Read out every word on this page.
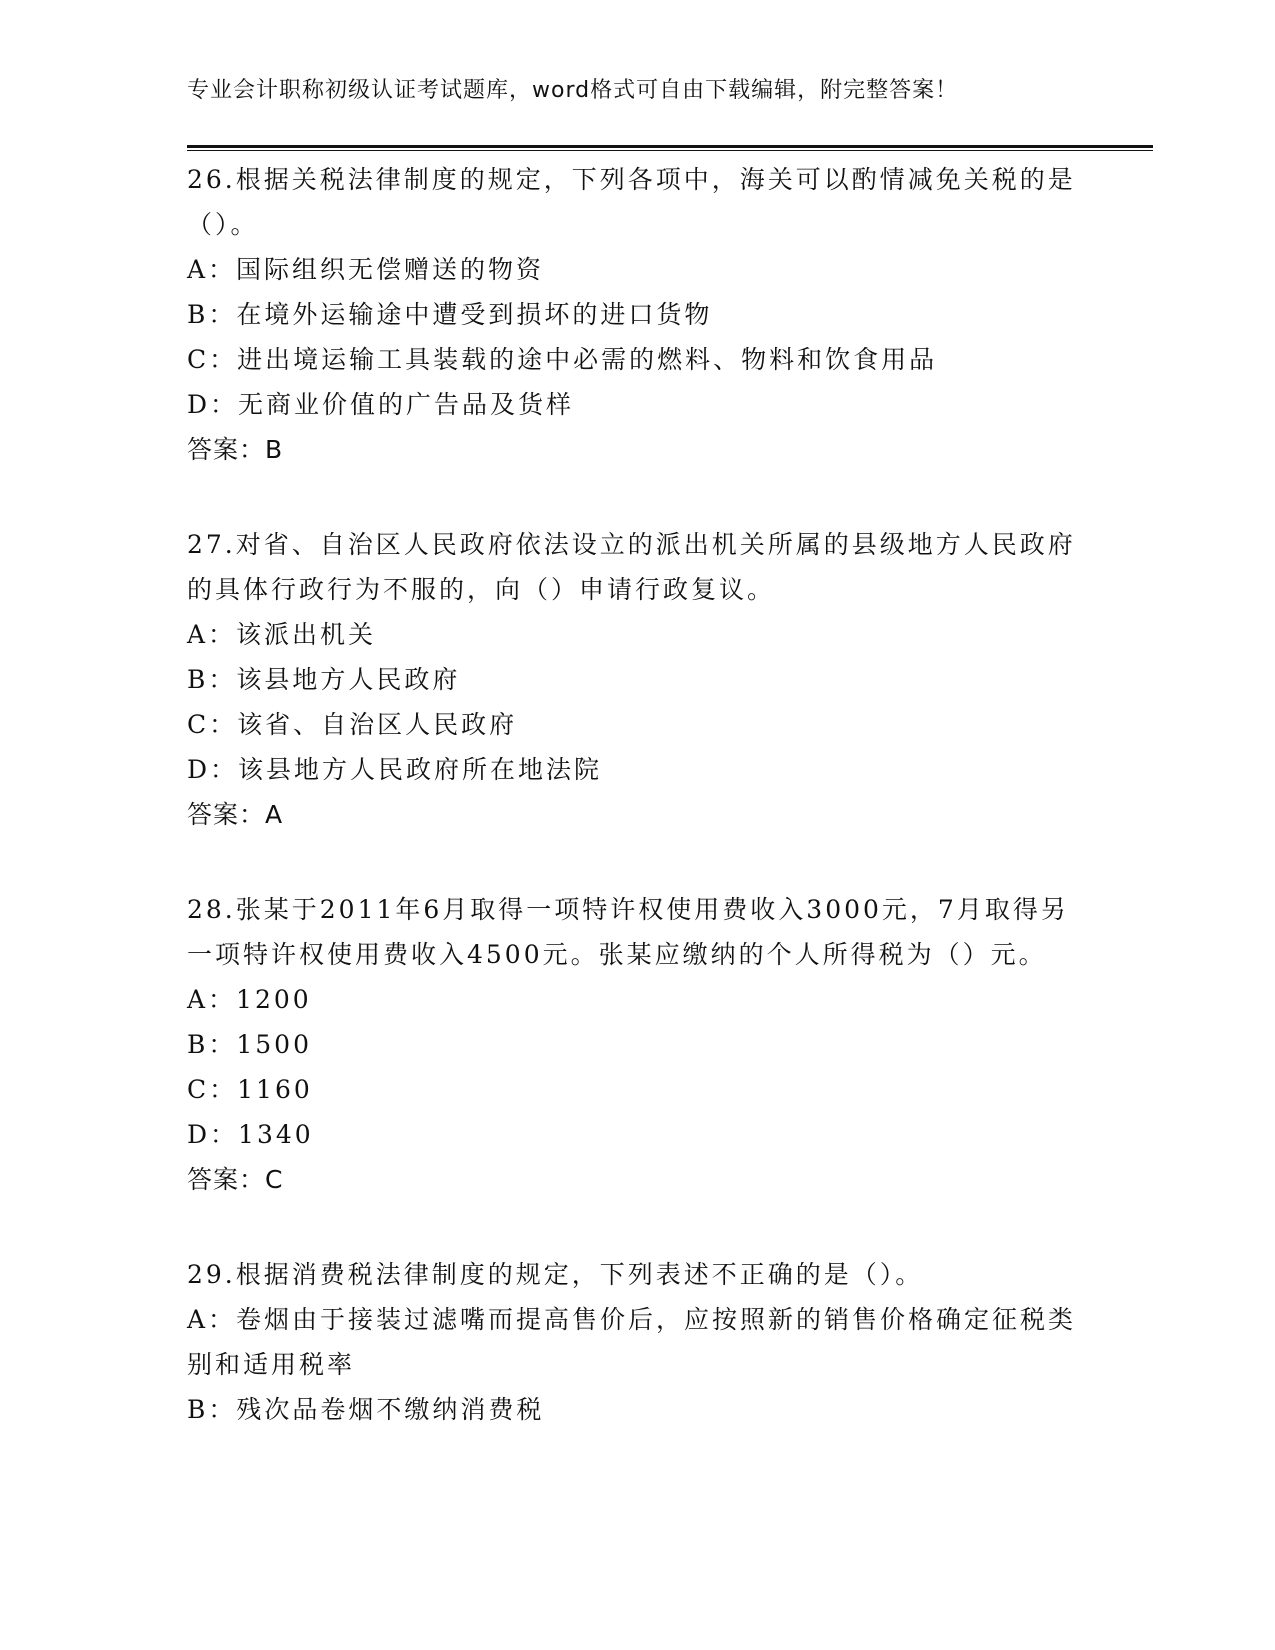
专业会计职称初级认证考试题库，word格式可自由下载编辑，附完整答案！

26.根据关税法律制度的规定，下列各项中，海关可以酌情减免关税的是（）。

A：国际组织无偿赠送的物资

B：在境外运输途中遭受到损坏的进口货物

C：进出境运输工具装载的途中必需的燃料、物料和饮食用品

D：无商业价值的广告品及货样

答案：B

27.对省、自治区人民政府依法设立的派出机关所属的县级地方人民政府的具体行政行为不服的，向（）申请行政复议。

A：该派出机关

B：该县地方人民政府

C：该省、自治区人民政府

D：该县地方人民政府所在地法院

答案：A

28.张某于2011年6月取得一项特许权使用费收入3000元，7月取得另一项特许权使用费收入4500元。张某应缴纳的个人所得税为（）元。

A：1200

B：1500

C：1160

D：1340

答案：C

29.根据消费税法律制度的规定，下列表述不正确的是（）。

A：卷烟由于接装过滤嘴而提高售价后，应按照新的销售价格确定征税类别和适用税率

B：残次品卷烟不缴纳消费税
